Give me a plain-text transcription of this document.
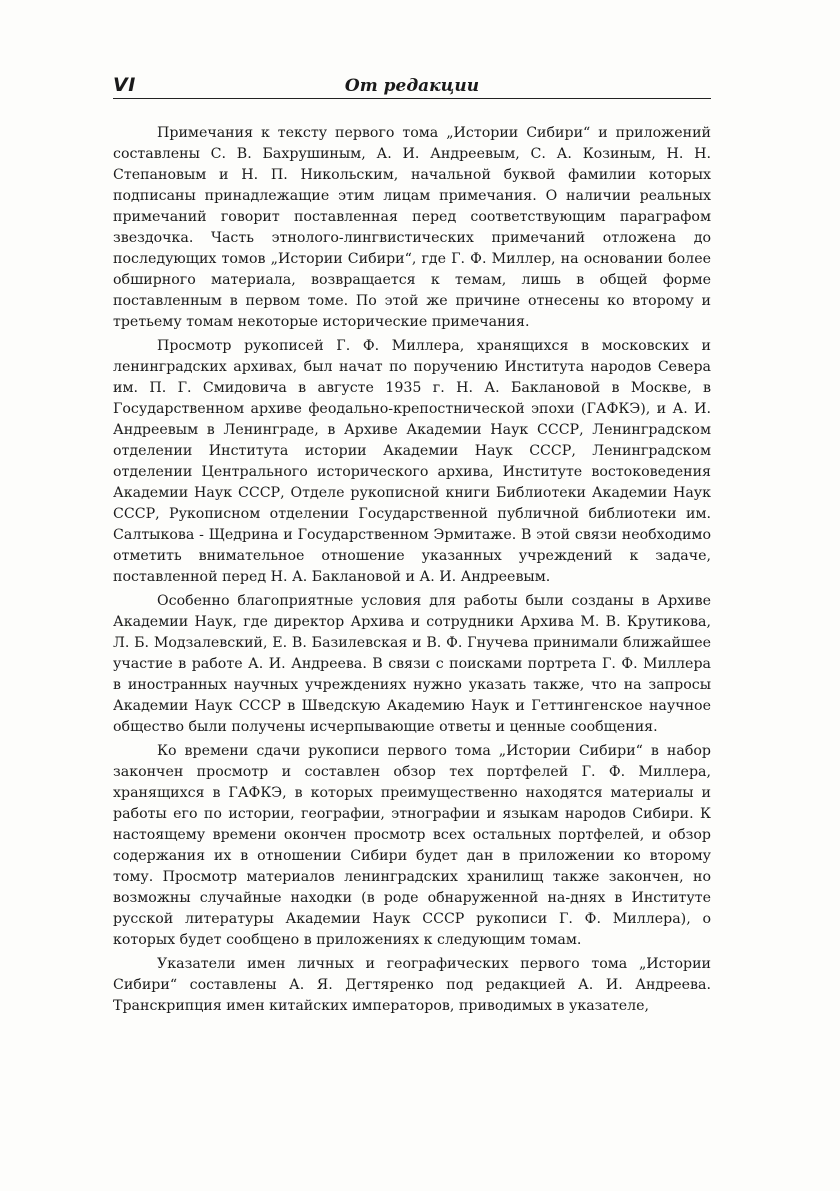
VI	От редакции

Примечания к тексту первого тома „Истории Сибири“ и приложений составлены С. В. Бахрушиным, А. И. Андреевым, С. А. Козиным, Н. Н. Степановым и Н. П. Никольским, начальной буквой фамилии которых подписаны принадлежащие этим лицам примечания. О наличии реальных примечаний говорит поставленная перед соответствующим параграфом звездочка. Часть этнолого-лингвистических примечаний отложена до последующих томов „Истории Сибири“, где Г. Ф. Миллер, на основании более обширного материала, возвращается к темам, лишь в общей форме поставленным в первом томе. По этой же причине отнесены ко второму и третьему томам некоторые исторические примечания.

Просмотр рукописей Г. Ф. Миллера, хранящихся в московских и ленинградских архивах, был начат по поручению Института народов Севера им. П. Г. Смидовича в августе 1935 г. Н. А. Баклановой в Москве, в Государственном архиве феодально-крепостнической эпохи (ГАФКЭ), и А. И. Андреевым в Ленинграде, в Архиве Академии Наук СССР, Ленинградском отделении Института истории Академии Наук СССР, Ленинградском отделении Центрального исторического архива, Институте востоковедения Академии Наук СССР, Отделе рукописной книги Библиотеки Академии Наук СССР, Рукописном отделении Государственной публичной библиотеки им. Салтыкова - Щедрина и Государственном Эрмитаже. В этой связи необходимо отметить внимательное отношение указанных учреждений к задаче, поставленной перед Н. А. Баклановой и А. И. Андреевым.

Особенно благоприятные условия для работы были созданы в Архиве Академии Наук, где директор Архива и сотрудники Архива М. В. Крутикова, Л. Б. Модзалевский, Е. В. Базилевская и В. Ф. Гнучева принимали ближайшее участие в работе А. И. Андреева. В связи с поисками портрета Г. Ф. Миллера в иностранных научных учреждениях нужно указать также, что на запросы Академии Наук СССР в Шведскую Академию Наук и Геттингенское научное общество были получены исчерпывающие ответы и ценные сообщения.

Ко времени сдачи рукописи первого тома „Истории Сибири“ в набор закончен просмотр и составлен обзор тех портфелей Г. Ф. Миллера, хранящихся в ГАФКЭ, в которых преимущественно находятся материалы и работы его по истории, географии, этнографии и языкам народов Сибири. К настоящему времени окончен просмотр всех остальных портфелей, и обзор содержания их в отношении Сибири будет дан в приложении ко второму тому. Просмотр материалов ленинградских хранилищ также закончен, но возможны случайные находки (в роде обнаруженной на-днях в Институте русской литературы Академии Наук СССР рукописи Г. Ф. Миллера), о которых будет сообщено в приложениях к следующим томам.

Указатели имен личных и географических первого тома „Истории Сибири“ составлены А. Я. Дегтяренко под редакцией А. И. Андреева. Транскрипция имен китайских императоров, приводимых в указателе,
